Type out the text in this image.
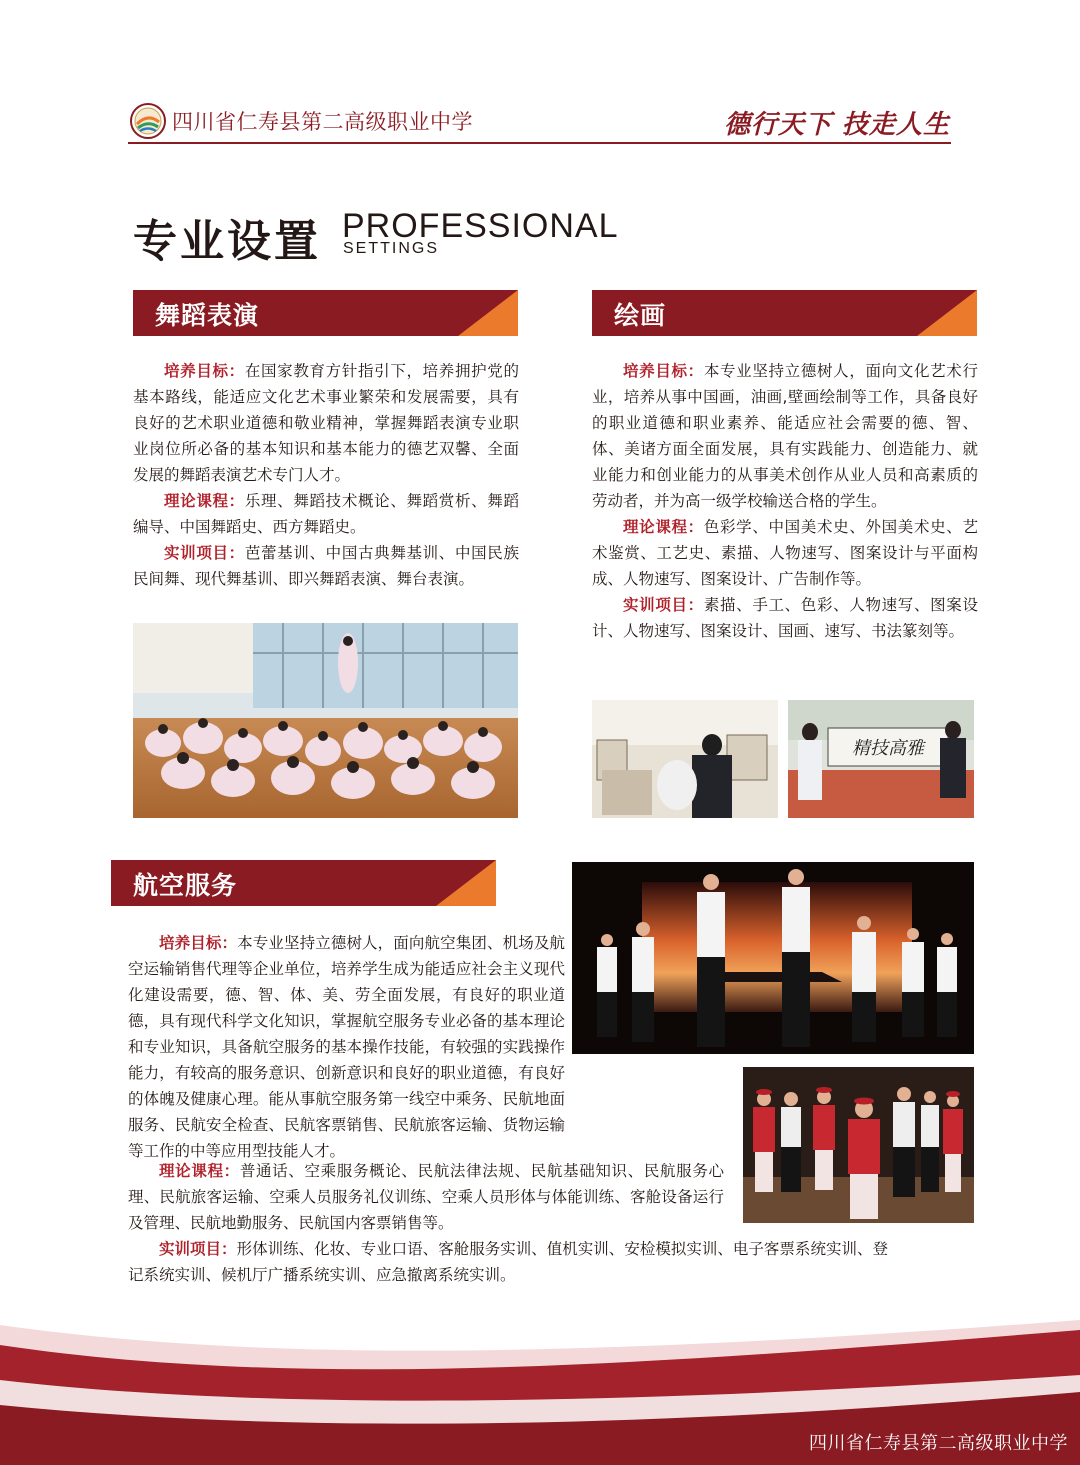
四川省仁寿县第二高级职业中学	德行天下 技走人生
专业设置 PROFESSIONAL
SETTINGS
舞蹈表演

培养目标：在国家教育方针指引下，培养拥护党的基本路线，能适应文化艺术事业繁荣和发展需要，具有良好的艺术职业道德和敬业精神，掌握舞蹈表演专业职业岗位所必备的基本知识和基本能力的德艺双馨、全面发展的舞蹈表演艺术专门人才。

理论课程：乐理、舞蹈技术概论、舞蹈赏析、舞蹈编导、中国舞蹈史、西方舞蹈史。

实训项目：芭蕾基训、中国古典舞基训、中国民族民间舞、现代舞基训、即兴舞蹈表演、舞台表演。

绘画

培养目标：本专业坚持立德树人，面向文化艺术行业，培养从事中国画，油画,壁画绘制等工作，具备良好的职业道德和职业素养、能适应社会需要的德、智、体、美诸方面全面发展，具有实践能力、创造能力、就业能力和创业能力的从事美术创作从业人员和高素质的劳动者，并为高一级学校输送合格的学生。

理论课程：色彩学、中国美术史、外国美术史、艺术鉴赏、工艺史、素描、人物速写、图案设计与平面构成、人物速写、图案设计、广告制作等。

实训项目：素描、手工、色彩、人物速写、图案设计、人物速写、图案设计、国画、速写、书法篆刻等。

精技高雅
航空服务

培养目标：本专业坚持立德树人，面向航空集团、机场及航空运输销售代理等企业单位，培养学生成为能适应社会主义现代化建设需要，德、智、体、美、劳全面发展，有良好的职业道德，具有现代科学文化知识，掌握航空服务专业必备的基本理论和专业知识，具备航空服务的基本操作技能，有较强的实践操作能力，有较高的服务意识、创新意识和良好的职业道德，有良好的体魄及健康心理。能从事航空服务第一线空中乘务、民航地面服务、民航安全检查、民航客票销售、民航旅客运输、货物运输等工作的中等应用型技能人才。

理论课程：普通话、空乘服务概论、民航法律法规、民航基础知识、民航服务心理、民航旅客运输、空乘人员服务礼仪训练、空乘人员形体与体能训练、客舱设备运行及管理、民航地勤服务、民航国内客票销售等。

实训项目：形体训练、化妆、专业口语、客舱服务实训、值机实训、安检模拟实训、电子客票系统实训、登记系统实训、候机厅广播系统实训、应急撤离系统实训。

四川省仁寿县第二高级职业中学
